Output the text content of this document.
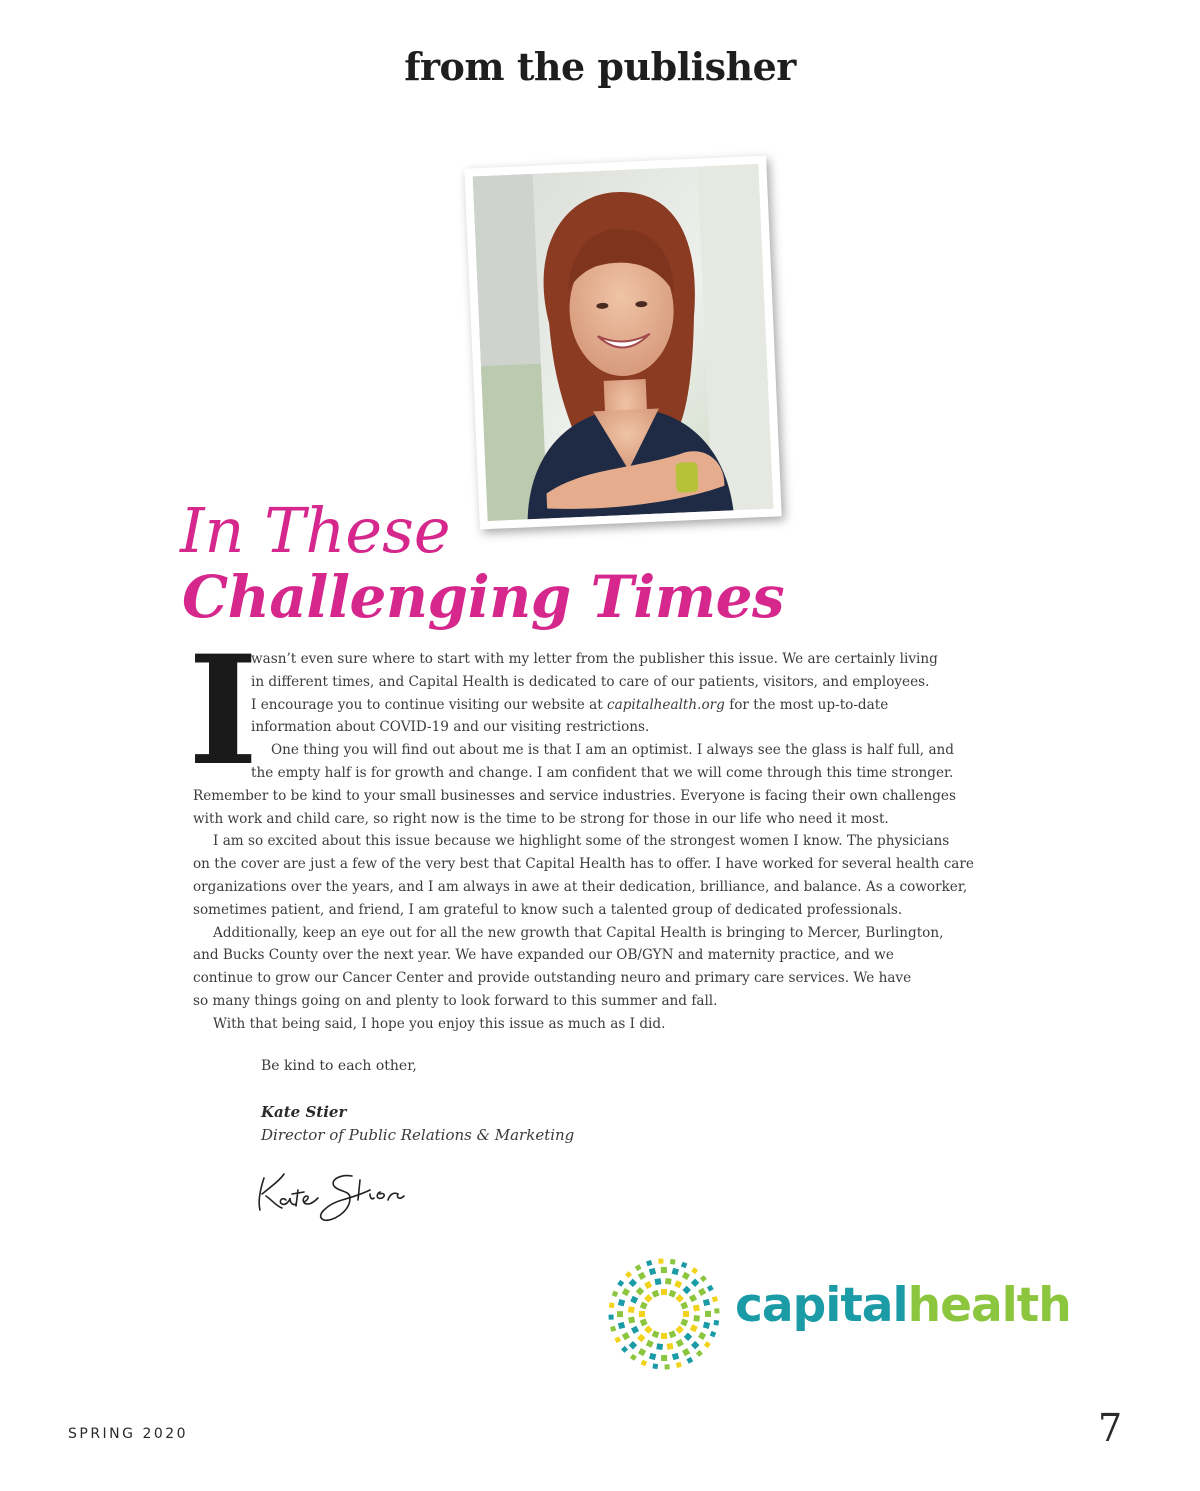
from the publisher
In These
Challenging Times
I
wasn’t even sure where to start with my letter from the publisher this issue. We are certainly living
in different times, and Capital Health is dedicated to care of our patients, visitors, and employees.
I encourage you to continue visiting our website at capitalhealth.org for the most up-to-date
information about COVID-19 and our visiting restrictions.
One thing you will find out about me is that I am an optimist. I always see the glass is half full, and
the empty half is for growth and change. I am confident that we will come through this time stronger.
Remember to be kind to your small businesses and service industries. Everyone is facing their own challenges
with work and child care, so right now is the time to be strong for those in our life who need it most.
I am so excited about this issue because we highlight some of the strongest women I know. The physicians
on the cover are just a few of the very best that Capital Health has to offer. I have worked for several health care
organizations over the years, and I am always in awe at their dedication, brilliance, and balance. As a coworker,
sometimes patient, and friend, I am grateful to know such a talented group of dedicated professionals.
Additionally, keep an eye out for all the new growth that Capital Health is bringing to Mercer, Burlington,
and Bucks County over the next year. We have expanded our OB/GYN and maternity practice, and we
continue to grow our Cancer Center and provide outstanding neuro and primary care services. We have
so many things going on and plenty to look forward to this summer and fall.
With that being said, I hope you enjoy this issue as much as I did.
Be kind to each other,
Kate Stier
Director of Public Relations & Marketing
capitalhealth
SPRING 2020	7
